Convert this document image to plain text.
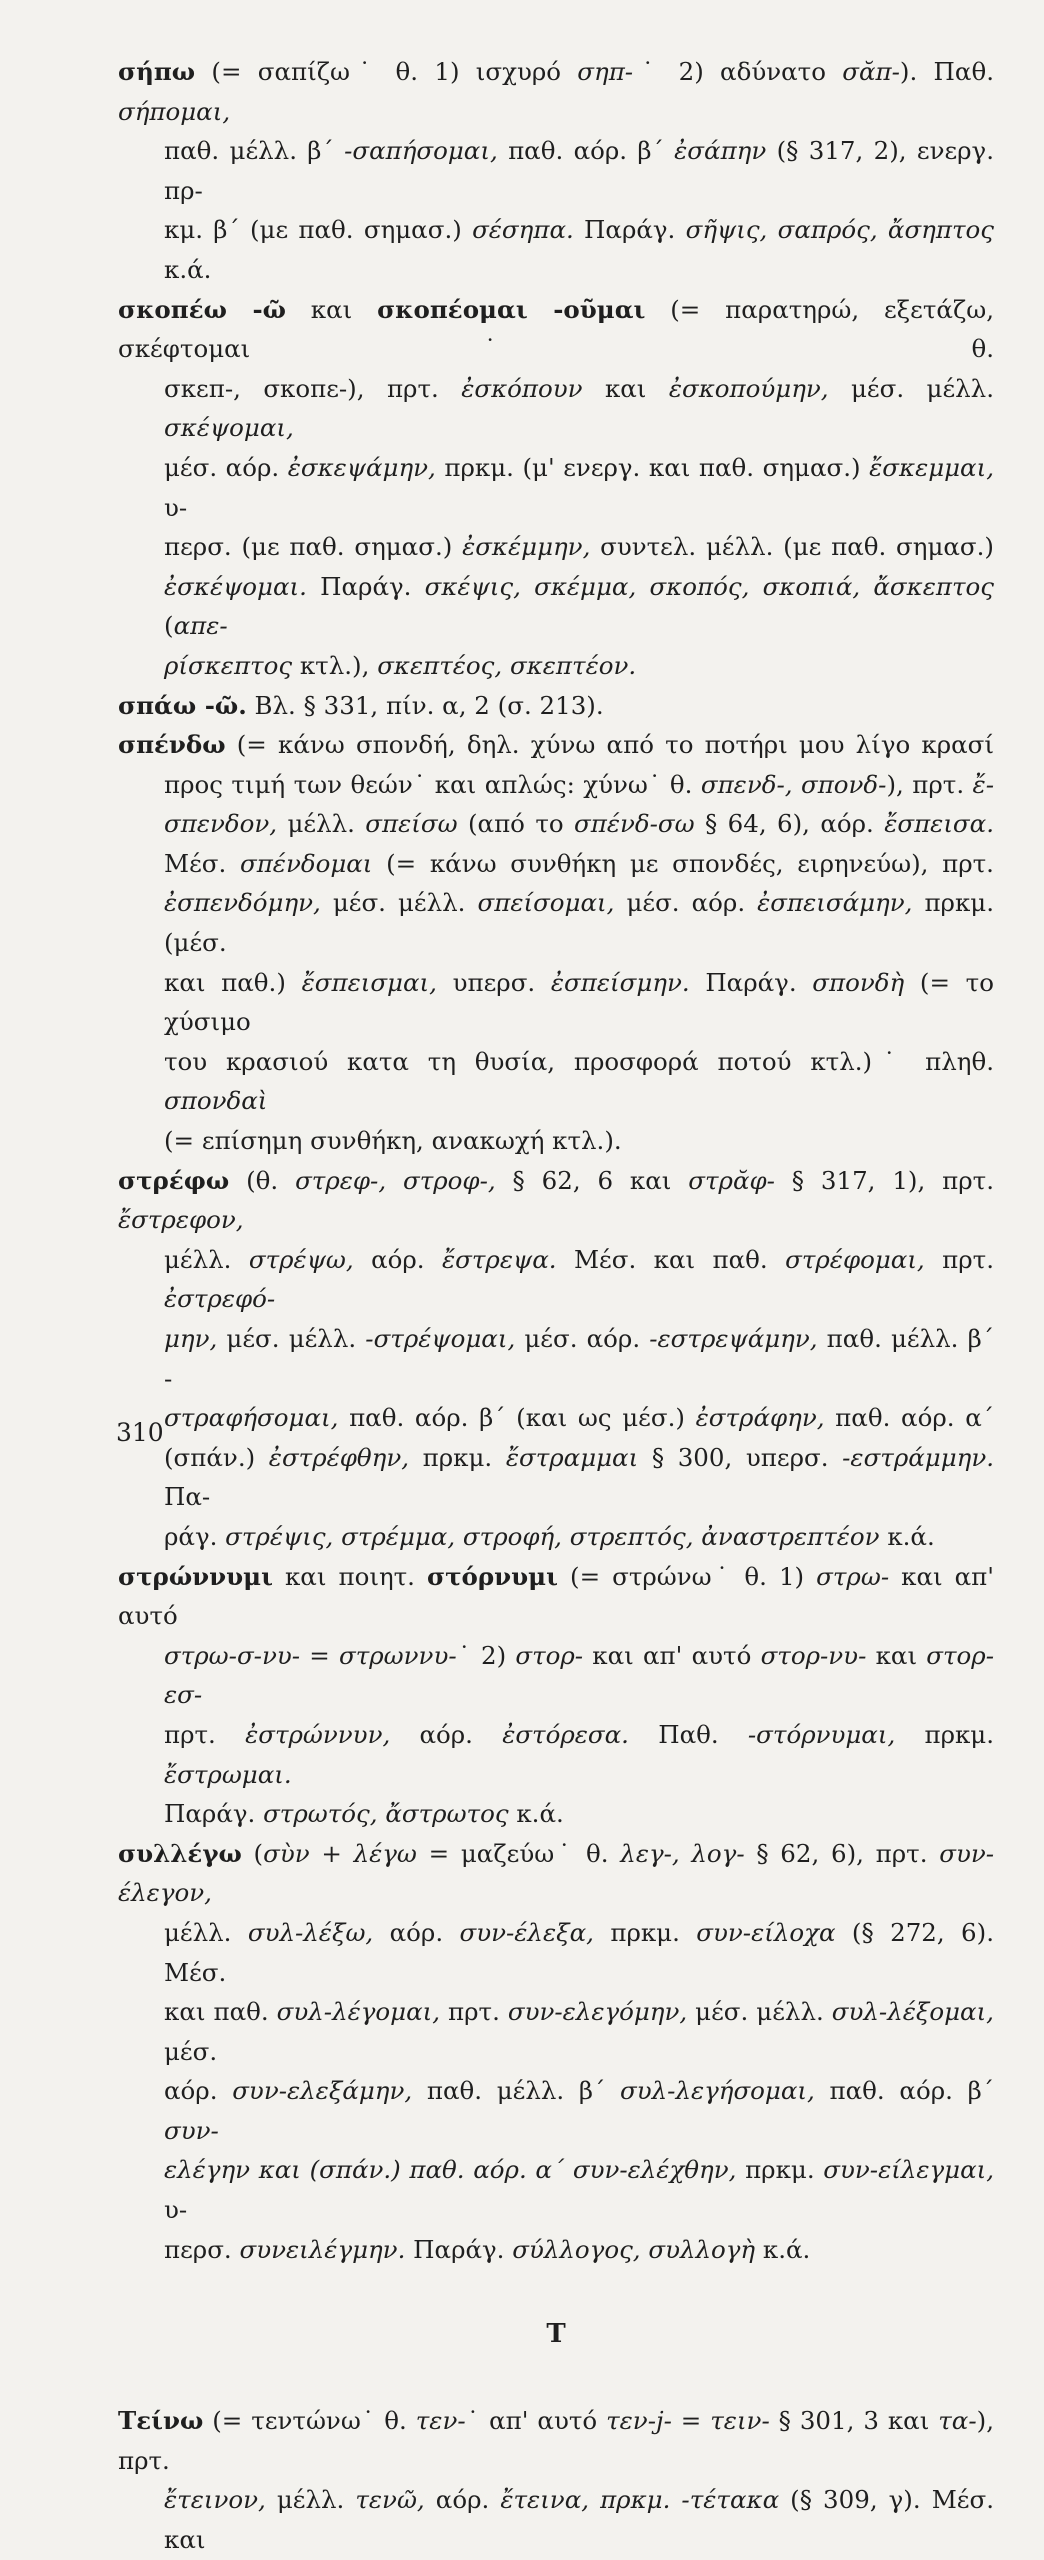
σήπω (= σαπίζω˙ θ. 1) ισχυρό σηπ-˙ 2) αδύνατο σᾰπ-). Παθ. σήπομαι,
παθ. μέλλ. β΄ -σαπήσομαι, παθ. αόρ. β΄ ἐσάπην (§ 317, 2), ενεργ. πρ-
κμ. β΄ (με παθ. σημασ.) σέσηπα. Παράγ. σῆψις, σαπρός, ἄσηπτος κ.ά.
σκοπέω -ῶ και σκοπέομαι -οῦμαι (= παρατηρώ, εξετάζω, σκέφτομαι˙ θ.
σκεπ-, σκοπε-), πρτ. ἐσκόπουν και ἐσκοπούμην, μέσ. μέλλ. σκέψομαι,
μέσ. αόρ. ἐσκεψάμην, πρκμ. (μ' ενεργ. και παθ. σημασ.) ἔσκεμμαι, υ-
περσ. (με παθ. σημασ.) ἐσκέμμην, συντελ. μέλλ. (με παθ. σημασ.)
ἐσκέψομαι. Παράγ. σκέψις, σκέμμα, σκοπός, σκοπιά, ἄσκεπτος (απε-
ρίσκεπτος κτλ.), σκεπτέος, σκεπτέον.
σπάω -ῶ. Βλ. § 331, πίν. α, 2 (σ. 213).
σπένδω (= κάνω σπονδή, δηλ. χύνω από το ποτήρι μου λίγο κρασί
προς τιμή των θεών˙ και απλώς: χύνω˙ θ. σπενδ-, σπονδ-), πρτ. ἔ-
σπενδον, μέλλ. σπείσω (από το σπένδ-σω § 64, 6), αόρ. ἔσπεισα.
Μέσ. σπένδομαι (= κάνω συνθήκη με σπονδές, ειρηνεύω), πρτ.
ἐσπενδόμην, μέσ. μέλλ. σπείσομαι, μέσ. αόρ. ἐσπεισάμην, πρκμ. (μέσ.
και παθ.) ἔσπεισμαι, υπερσ. ἐσπείσμην. Παράγ. σπονδὴ (= το χύσιμο
του κρασιού κατα τη θυσία, προσφορά ποτού κτλ.)˙ πληθ. σπονδαὶ
(= επίσημη συνθήκη, ανακωχή κτλ.).
στρέφω (θ. στρεφ-, στροφ-, § 62, 6 και στρᾰφ- § 317, 1), πρτ. ἔστρεφον,
μέλλ. στρέψω, αόρ. ἔστρεψα. Μέσ. και παθ. στρέφομαι, πρτ. ἐστρεφό-
μην, μέσ. μέλλ. -στρέψομαι, μέσ. αόρ. -εστρεψάμην, παθ. μέλλ. β΄ -
στραφήσομαι, παθ. αόρ. β΄ (και ως μέσ.) ἐστράφην, παθ. αόρ. α΄
(σπάν.) ἐστρέφθην, πρκμ. ἔστραμμαι § 300, υπερσ. -εστράμμην. Πα-
ράγ. στρέψις, στρέμμα, στροφή, στρεπτός, ἀναστρεπτέον κ.ά.
στρώννυμι και ποιητ. στόρνυμι (= στρώνω˙ θ. 1) στρω- και απ' αυτό
στρω-σ-νυ- = στρωννυ-˙ 2) στορ- και απ' αυτό στορ-νυ- και στορ-εσ-
πρτ. ἐστρώννυν, αόρ. ἐστόρεσα. Παθ. -στόρνυμαι, πρκμ. ἔστρωμαι.
Παράγ. στρωτός, ἄστρωτος κ.ά.
συλλέγω (σὺν + λέγω = μαζεύω˙ θ. λεγ-, λογ- § 62, 6), πρτ. συν-έλεγον,
μέλλ. συλ-λέξω, αόρ. συν-έλεξα, πρκμ. συν-είλοχα (§ 272, 6). Μέσ.
και παθ. συλ-λέγομαι, πρτ. συν-ελεγόμην, μέσ. μέλλ. συλ-λέξομαι, μέσ.
αόρ. συν-ελεξάμην, παθ. μέλλ. β΄ συλ-λεγήσομαι, παθ. αόρ. β΄ συν-
ελέγην και (σπάν.) παθ. αόρ. α΄ συν-ελέχθην, πρκμ. συν-είλεγμαι, υ-
περσ. συνειλέγμην. Παράγ. σύλλογος, συλλογὴ κ.ά.
Τ
Τείνω (= τεντώνω˙ θ. τεν-˙ απ' αυτό τεν-j- = τειν- § 301, 3 και τα-), πρτ.
ἔτεινον, μέλλ. τενῶ, αόρ. ἔτεινα, πρκμ. -τέτακα (§ 309, γ). Μέσ. και
310
